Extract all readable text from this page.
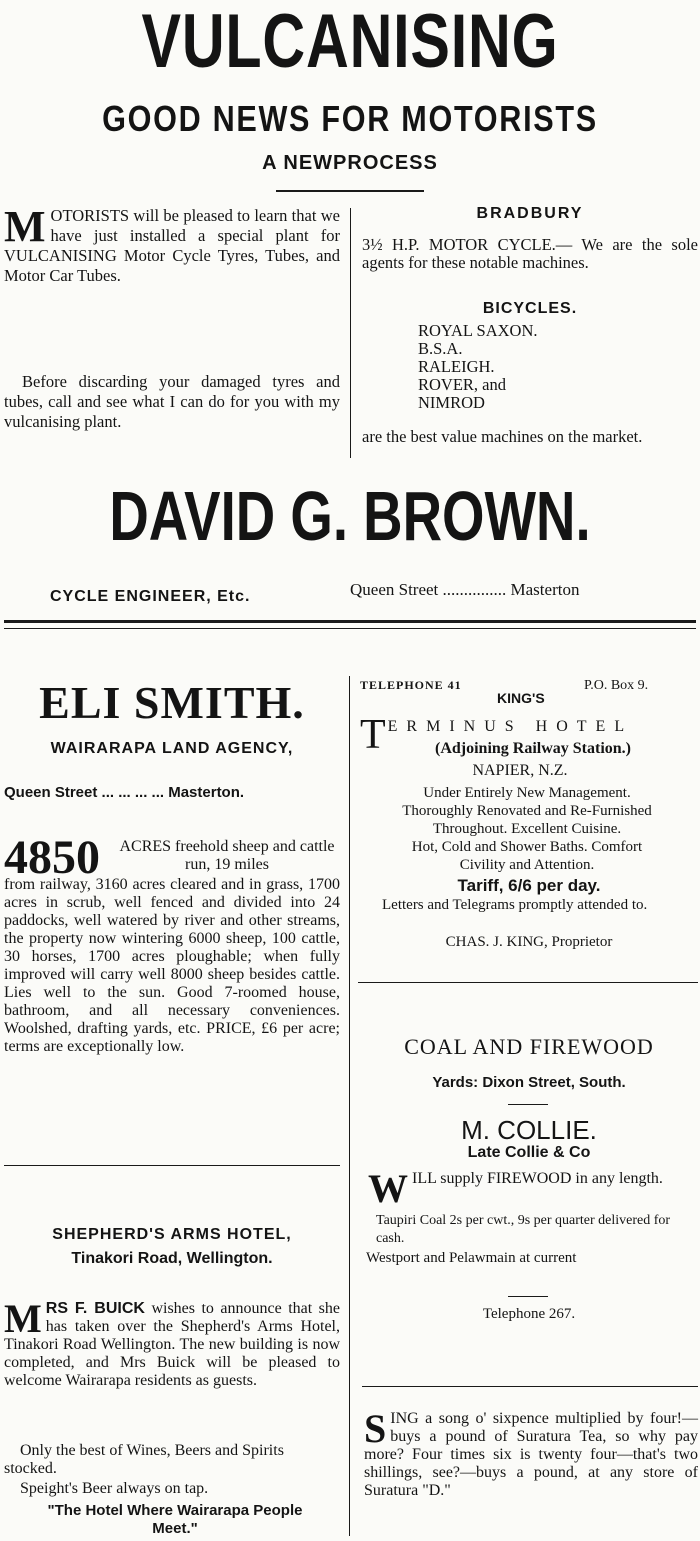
VULCANISING
GOOD NEWS FOR MOTORISTS
A NEWPROCESS
MOTORISTS will be pleased to learn that we have just installed a special plant for VULCANISING Motor Cycle Tyres, Tubes, and Motor Car Tubes.
Before discarding your damaged tyres and tubes, call and see what I can do for you with my vulcanising plant.
BRADBURY
3½ H.P. MOTOR CYCLE.— We are the sole agents for these notable machines.
BICYCLES.
ROYAL SAXON.
B.S.A.
RALEIGH.
ROVER, and
NIMROD
are the best value machines on the market.
DAVID G. BROWN.
CYCLE ENGINEER, Etc.	Queen Street ............... Masterton
ELI SMITH.
WAIRARAPA LAND AGENCY,
Queen Street ... ... ... ... Masterton.
4850	ACRES freehold sheep and cattle run, 19 miles
from railway, 3160 acres cleared and in grass, 1700 acres in scrub, well fenced and divided into 24 paddocks, well watered by river and other streams, the property now wintering 6000 sheep, 100 cattle, 30 horses, 1700 acres ploughable; when fully improved will carry well 8000 sheep besides cattle. Lies well to the sun. Good 7-roomed house, bathroom, and all necessary conveniences. Woolshed, drafting yards, etc. PRICE, £6 per acre; terms are exceptionally low.
SHEPHERD'S ARMS HOTEL,
Tinakori Road, Wellington.
MRS F. BUICK wishes to announce that she has taken over the Shepherd's Arms Hotel, Tinakori Road Wellington. The new building is now completed, and Mrs Buick will be pleased to welcome Wairarapa residents as guests.
Only the best of Wines, Beers and Spirits stocked.
Speight's Beer always on tap.
"The Hotel Where Wairarapa People Meet."
TELEPHONE 41
KING'S
P.O. Box 9.
T ERMINUS HOTEL
(Adjoining Railway Station.)
NAPIER, N.Z.
Under Entirely New Management.
Thoroughly Renovated and Re-Furnished
Throughout. Excellent Cuisine.
Hot, Cold and Shower Baths. Comfort
Civility and Attention.
Tariff, 6/6 per day.
Letters and Telegrams promptly attended to.
CHAS. J. KING, Proprietor
COAL AND FIREWOOD
Yards: Dixon Street, South.
M. COLLIE.
Late Collie & Co
WILL supply FIREWOOD in any length.
Taupiri Coal 2s per cwt., 9s per quarter delivered for cash.
Westport and Pelawmain at current
Telephone 267.
SING a song o' sixpence multiplied by four!—buys a pound of Suratura Tea, so why pay more? Four times six is twenty four—that's two shillings, see?—buys a pound, at any store of Suratura "D."
